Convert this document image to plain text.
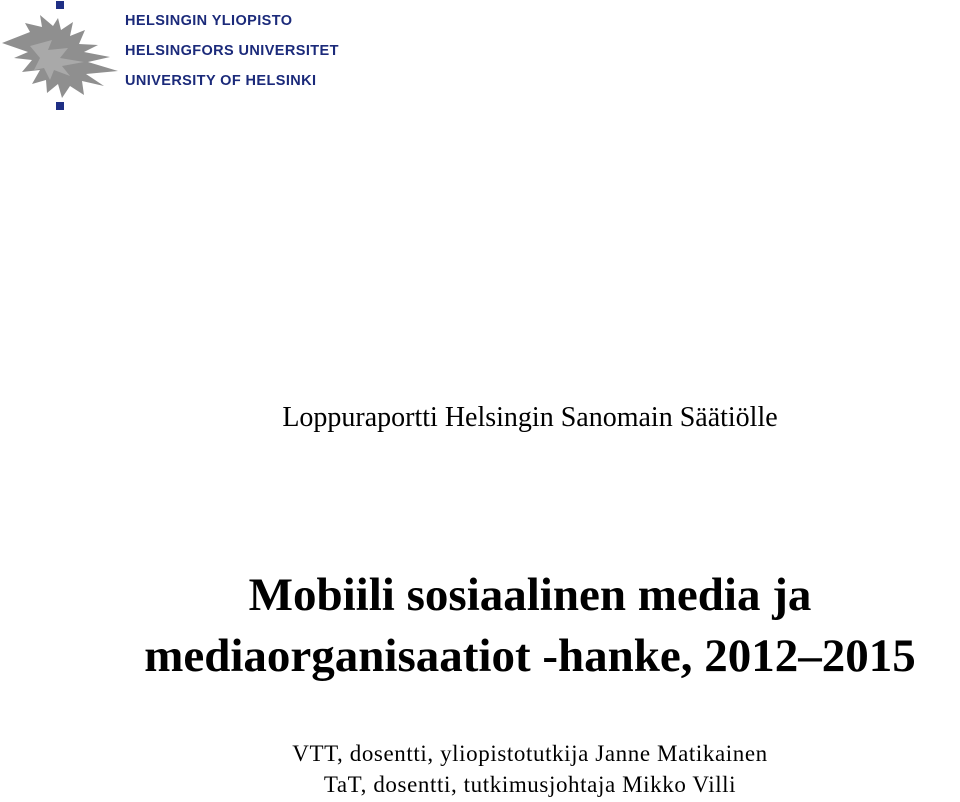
HELSINGIN YLIOPISTO
HELSINGFORS UNIVERSITET
UNIVERSITY OF HELSINKI
Loppuraportti Helsingin Sanomain Säätiölle
Mobiili sosiaalinen media ja
mediaorganisaatiot -hanke, 2012–2015
VTT, dosentti, yliopistotutkija Janne Matikainen
TaT, dosentti, tutkimusjohtaja Mikko Villi
